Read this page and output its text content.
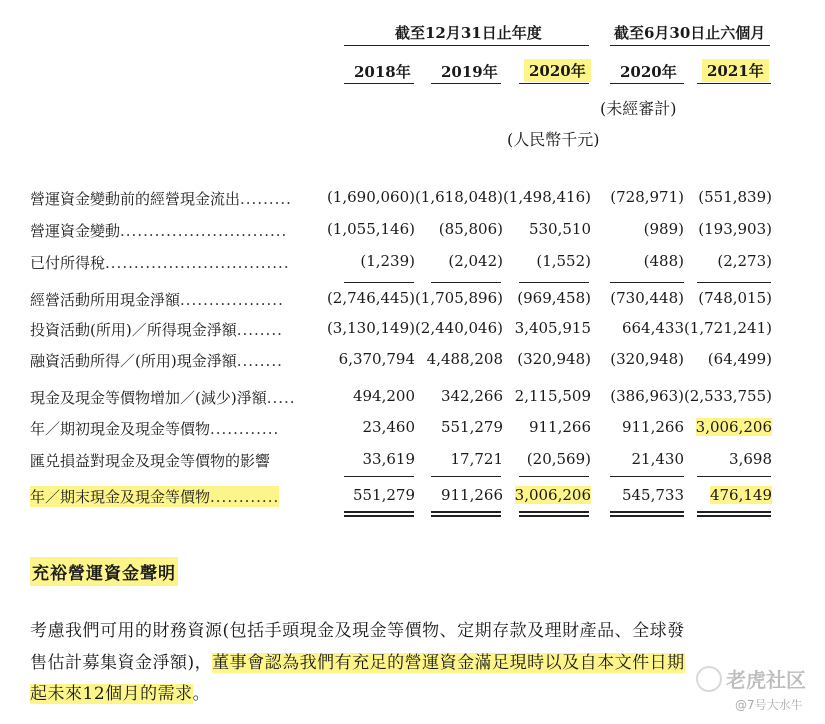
截至12月31日止年度	截至6月30日止六個月
2018年 2019年	2020年	2020年	2021年
(未經審計)
(人民幣千元)
營運資金變動前的經營現金流出.........	(1,690,060) (1,618,048) (1,498,416)	(728,971) (551,839)
營運資金變動.............................	(1,055,146)	(85,806)	530,510	(989) (193,903)
已付所得稅................................	(1,239)	(2,042)	(1,552)	(488)	(2,273)
經營活動所用現金淨額..................	(2,746,445) (1,705,896) (969,458)	(730,448) (748,015)
投資活動(所用)／所得現金淨額........	(3,130,149) (2,440,046) 3,405,915	664,433 (1,721,241)
融資活動所得／(所用)現金淨額........	6,370,794 4,488,208 (320,948)	(320,948)	(64,499)
現金及現金等價物增加／(減少)淨額.....	494,200	342,266 2,115,509	(386,963) (2,533,755)
年／期初現金及現金等價物............	23,460	551,279	911,266	911,266 3,006,206
匯兑損益對現金及現金等價物的影響	33,619	17,721	(20,569)	21,430	3,698
年／期末現金及現金等價物............	551,279	911,266 3,006,206	545,733	476,149
充裕營運資金聲明
考慮我們可用的財務資源(包括手頭現金及現金等價物、定期存款及理財產品、全球發
售估計募集資金淨額)，董事會認為我們有充足的營運資金滿足現時以及自本文件日期
起未來12個月的需求。
老虎社区
@7号大水牛
